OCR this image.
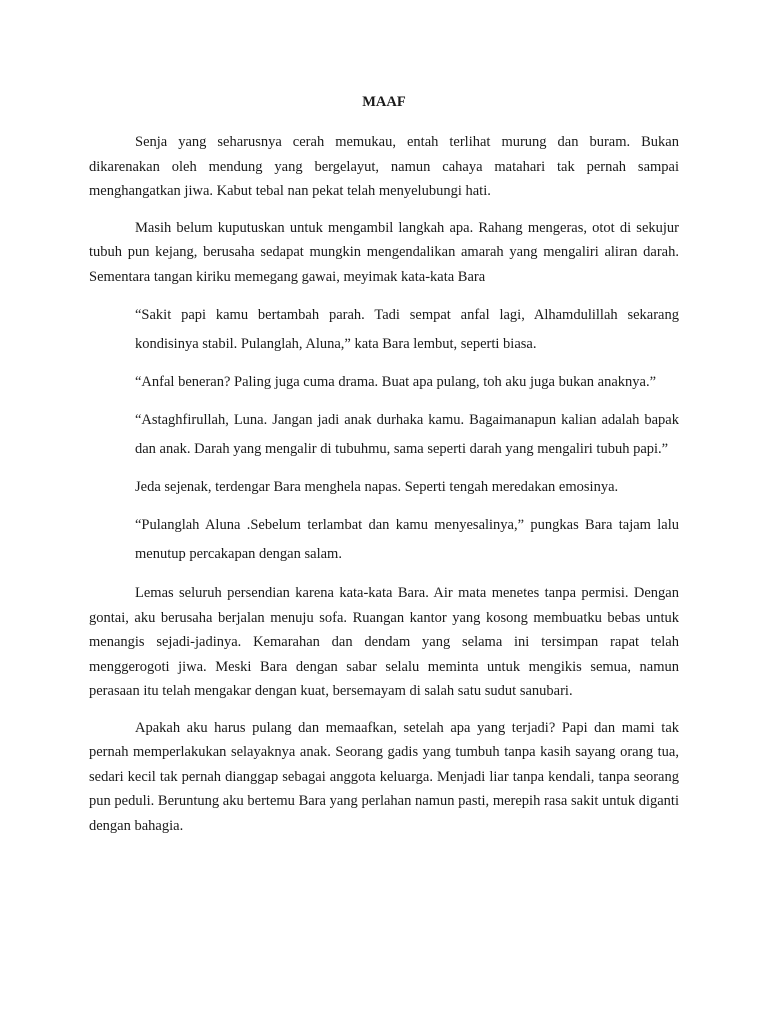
MAAF

Senja yang seharusnya cerah memukau, entah terlihat murung dan buram. Bukan dikarenakan oleh mendung yang bergelayut, namun cahaya matahari tak pernah sampai menghangatkan jiwa. Kabut tebal nan pekat telah menyelubungi hati.

Masih belum kuputuskan untuk mengambil langkah apa. Rahang mengeras, otot di sekujur tubuh pun kejang, berusaha sedapat mungkin mengendalikan amarah yang mengaliri aliran darah. Sementara tangan kiriku memegang gawai, meyimak kata-kata Bara

“Sakit papi kamu bertambah parah. Tadi sempat anfal lagi, Alhamdulillah sekarang kondisinya stabil. Pulanglah, Aluna,” kata Bara lembut, seperti biasa.

“Anfal beneran? Paling juga cuma drama. Buat apa pulang, toh aku juga bukan anaknya.”

“Astaghfirullah, Luna. Jangan jadi anak durhaka kamu. Bagaimanapun kalian adalah bapak dan anak. Darah yang mengalir di tubuhmu, sama seperti darah yang mengaliri tubuh papi.”

Jeda sejenak, terdengar Bara menghela napas. Seperti tengah meredakan emosinya.

“Pulanglah Aluna .Sebelum terlambat dan kamu menyesalinya,” pungkas Bara tajam lalu menutup percakapan dengan salam.

Lemas seluruh persendian karena kata-kata Bara. Air mata menetes tanpa permisi. Dengan gontai, aku berusaha berjalan menuju sofa. Ruangan kantor yang kosong membuatku bebas untuk menangis sejadi-jadinya. Kemarahan dan dendam yang selama ini tersimpan rapat telah menggerogoti jiwa. Meski Bara dengan sabar selalu meminta untuk mengikis semua, namun perasaan itu telah mengakar dengan kuat, bersemayam di salah satu sudut sanubari.

Apakah aku harus pulang dan memaafkan, setelah apa yang terjadi? Papi dan mami tak pernah memperlakukan selayaknya anak. Seorang gadis yang tumbuh tanpa kasih sayang orang tua, sedari kecil tak pernah dianggap sebagai anggota keluarga. Menjadi liar tanpa kendali, tanpa seorang pun peduli. Beruntung aku bertemu Bara yang perlahan namun pasti, merepih rasa sakit untuk diganti dengan bahagia.
